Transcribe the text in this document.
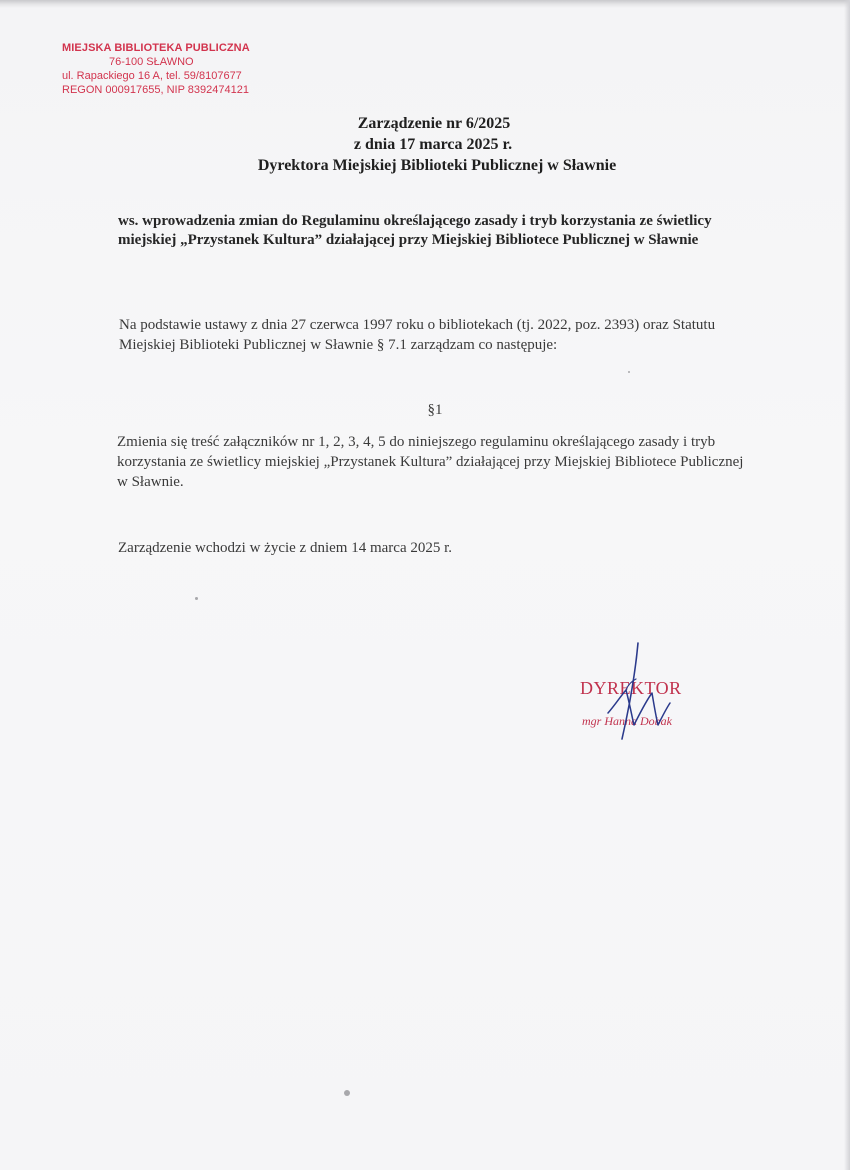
MIEJSKA BIBLIOTEKA PUBLICZNA
76-100 SŁAWNO
ul. Rapackiego 16 A, tel. 59/8107677
REGON 000917655, NIP 8392474121
Zarządzenie nr 6/2025
z dnia 17 marca 2025 r.
Dyrektora Miejskiej Biblioteki Publicznej w Sławnie
ws. wprowadzenia zmian do Regulaminu określającego zasady i tryb korzystania ze świetlicy miejskiej „Przystanek Kultura” działającej przy Miejskiej Bibliotece Publicznej w Sławnie
Na podstawie ustawy z dnia 27 czerwca 1997 roku o bibliotekach (tj. 2022, poz. 2393) oraz Statutu Miejskiej Biblioteki Publicznej w Sławnie § 7.1 zarządzam co następuje:
§1
Zmienia się treść załączników nr 1, 2, 3, 4, 5 do niniejszego regulaminu określającego zasady i tryb korzystania ze świetlicy miejskiej „Przystanek Kultura” działającej przy Miejskiej Bibliotece Publicznej w Sławnie.
Zarządzenie wchodzi w życie z dniem 14 marca 2025 r.
DYREKTOR
mgr Hanna Dobak
